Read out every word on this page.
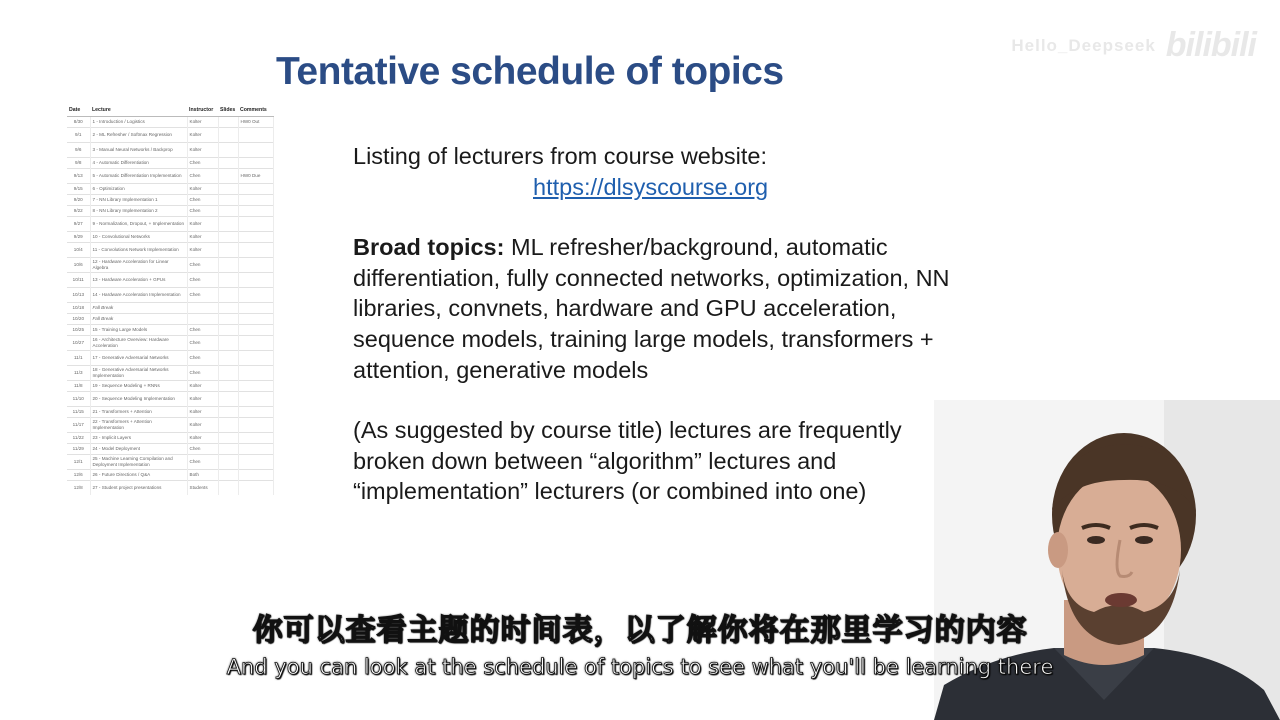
Tentative schedule of topics
Hello_Deepseek bilibili
Date	Lecture	Instructor	Slides	Comments
8/30	1 - Introduction / Logistics	Kolter		HW0 Out
9/1	2 - ML Refresher / Softmax Regression	Kolter		
9/6	3 - Manual Neural Networks / Backprop	Kolter		
9/8	4 - Automatic Differentiation	Chen		
9/13	5 - Automatic Differentiation Implementation	Chen		HW0 Due
9/15	6 - Optimization	Kolter		
9/20	7 - NN Library Implementation 1	Chen		
9/22	8 - NN Library Implementation 2	Chen		
9/27	9 - Normalization, Dropout, + Implementation	Kolter		
9/29	10 - Convolutional Networks	Kolter		
10/4	11 - Convolutions Network Implementation	Kolter		
10/6	12 - Hardware Acceleration for Linear Algebra	Chen		
10/11	13 - Hardware Acceleration + GPUs	Chen		
10/13	14 - Hardware Acceleration Implementation	Chen		
10/18	Fall Break			
10/20	Fall Break			
10/25	15 - Training Large Models	Chen		
10/27	16 - Architecture Overview: Hardware Acceleration	Chen		
11/1	17 - Generative Adversarial Networks	Chen		
11/3	18 - Generative Adversarial Networks Implementation	Chen		
11/8	19 - Sequence Modeling + RNNs	Kolter		
11/10	20 - Sequence Modeling Implementation	Kolter		
11/15	21 - Transformers + Attention	Kolter		
11/17	22 - Transformers + Attention Implementation	Kolter		
11/22	23 - Implicit Layers	Kolter		
11/29	24 - Model Deployment	Chen		
12/1	25 - Machine Learning Compilation and Deployment Implementation	Chen		
12/6	26 - Future Directions / Q&A	Both		
12/8	27 - Student project presentations	Students		
Listing of lecturers from course website:
https://dlsyscourse.org
Broad topics: ML refresher/background, automatic differentiation, fully connected networks, optimization, NN libraries, convnets, hardware and GPU acceleration, sequence models, training large models, transformers + attention, generative models
(As suggested by course title) lectures are frequently broken down between “algorithm” lectures and “implementation” lecturers (or combined into one)
你可以查看主题的时间表，以了解你将在那里学习的内容
And you can look at the schedule of topics to see what you'll be learning there
